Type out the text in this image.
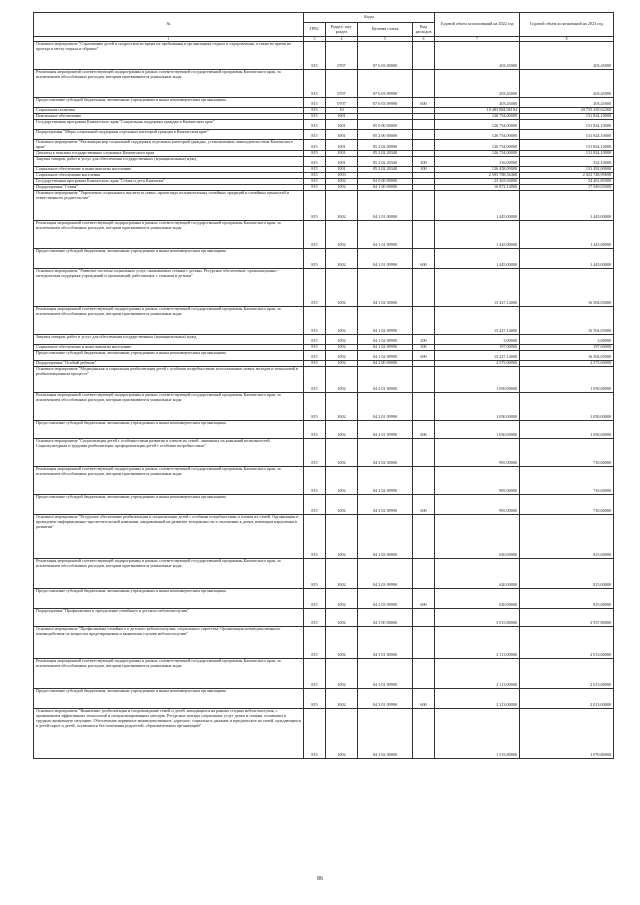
№	Коды				Годовой объем ассигнований на 2022 год	Годовой объем ассигнований на 2023 год
	ГРБС	Раздел, под-раздел	Целевая статья	Вид расходов		
1	3	4	5	6	7	8
Основное мероприятие "Страхование детей и подростков во время их пребывания в организациях отдыха и оздоровления, а также во время их проезда к месту отдыха и обратно"	815	0707	07 6 03 00000		203,45000	203,45000
Реализация мероприятий соответствующей подпрограммы в рамках соответствующей государственной программы Камчатского края, за исключением обособленных расходов, которым присваиваются уникальные коды	815	0707	07 6 03 09990		203,45000	203,45000
Предоставление субсидий бюджетным, автономным учреждениям и иным некоммерческим организациям	815	0707	07 6 03 09990	600	203,45000	203,45000
Социальная политика	815	10			10 483 884,96194	20 735 259,62268
Пенсионное обеспечение	815	1001			126 754,00000	131 824,10000
Государственная программа Камчатского края "Социальная поддержка граждан в Камчатском крае"	815	1001	05 0 00 00000		126 754,00000	131 824,10000
Подпрограмма "Меры социальной поддержки отдельных категорий граждан в Камчатском крае"	815	1001	05 2 00 00000		126 754,00000	131 824,10000
Основное мероприятие "Реализация мер социальной поддержки отдельных категорий граждан, установленных законодательством Камчатского края"	815	1001	05 2 02 00000		126 754,00000	131 824,10000
Доплаты к пенсиям государственных служащих Камчатского края	815	1001	05 2 02 20340		126 754,00000	131 824,10000
Закупка товаров, работ и услуг для обеспечения государственных (муниципальных) нужд	815	1001	05 2 02 20340	200	316,00000	332,10000
Социальное обеспечение и иные выплаты населению	815	1001	05 2 02 20340	300	126 438,00000	131 492,00000
Социальное обеспечение населения	815	1003			2 585 788,56468	2 023 748,99698
Государственная программа Камчатского края "Семья и дети Камчатки"	815	1002	04 0 00 00000		23 363,94000	24 461,85000
Подпрограмма "Семья"	815	1002	04 1 00 00000		16 872,14000	17 949,05000
Основное мероприятие "Укрепление социального института семьи, пропаганда положительных семейных традиций и семейных ценностей и ответственного родительства"	815	1002	04 1 01 00000		1 445,00000	1 445,00000
Реализация мероприятий соответствующей подпрограммы в рамках соответствующей государственной программы Камчатского края, за исключением обособленных расходов, которым присваиваются уникальные коды	815	1002	04 1 01 09990		1 445,00000	1 445,00000
Предоставление субсидий бюджетным, автономным учреждениям и иным некоммерческим организациям	815	1002	04 1 01 09990	600	1 445,00000	1 445,00000
Основное мероприятие "Развитие системы социальных услуг, оказываемых семьям с детьми. Ресурсное обеспечение, организационно-методическая поддержка учреждений и организаций, работающих с семьями и детьми"	815	1002	04 1 02 00000		15 427,14000	16 504,05000
Реализация мероприятий соответствующей подпрограммы в рамках соответствующей государственной программы Камчатского края, за исключением обособленных расходов, которым присваиваются уникальные коды	815	1002	04 1 02 09990		15 427,14000	16 504,05000
Закупка товаров, работ и услуг для обеспечения государственных (муниципальных) нужд	815	1002	04 1 02 09990	200	3,00000	3,00000
Социальное обеспечение и иные выплаты населению	815	1002	04 1 02 09990	300	197,00000	197,00000
Предоставление субсидий бюджетным, автономным учреждениям и иным некоммерческим организациям	815	1002	04 1 02 09990	600	15 227,14000	16 304,05000
Подпрограмма "Особый ребенок"	815	1002	04 2 00 00000		2 575,00000	2 575,00000
Основное мероприятие "Медицинская и социальная реабилитация детей с особыми потребностями, использование новых методов и технологий в реабилитационном процессе"	815	1002	04 2 01 00000		1 050,00000	1 050,00000
Реализация мероприятий соответствующей подпрограммы в рамках соответствующей государственной программы Камчатского края, за исключением обособленных расходов, которым присваиваются уникальные коды	815	1002	04 2 01 09990		1 050,00000	1 050,00000
Предоставление субсидий бюджетным, автономным учреждениям и иным некоммерческим организациям	815	1002	04 2 01 09990	600	1 050,00000	1 050,00000
Основное мероприятие "Социализация детей с особенностями развития и членов их семей, лишенных их кампаний возможностей. Социокультурная и трудовая реабилитация, профориентация детей с особыми потребностями"	815	1002	04 2 02 00000		905,00000	710,00000
Реализация мероприятий соответствующей подпрограммы в рамках соответствующей государственной программы Камчатского края, за исключением обособленных расходов, которым присваиваются уникальные коды	815	1002	04 2 02 09990		905,00000	710,00000
Предоставление субсидий бюджетным, автономным учреждениям и иным некоммерческим организациям	815	1002	04 2 02 09990	600	905,00000	710,00000
Основное мероприятие "Ресурсное обеспечение реабилитации и социализации детей с особыми потребностями и членов их семей. Организация и проведение информационно-просветительской кампании, направленной на развитие толерантности к отношении к детям, имеющим нарушения в развитии"	815	1002	04 2 03 00000		620,00000	815,00000
Реализация мероприятий соответствующей подпрограммы в рамках соответствующей государственной программы Камчатского края, за исключением обособленных расходов, которым присваиваются уникальные коды	815	1002	04 2 03 09990		620,00000	815,00000
Предоставление субсидий бюджетным, автономным учреждениям и иным некоммерческим организациям	815	1002	04 2 03 09990	600	620,00000	815,00000
Подпрограмма "Профилактика и преодоление семейного и детского неблагополучия"	815	1002	04 3 00 00000		3 915,80000	3 937,80000
Основное мероприятие "Профилактика семейного и детского неблагополучия, социального сиротства. Организация межведомственного взаимодействия по вопросам предотвращения и выявления случаев неблагополучия"	815	1002	04 3 01 00000		2 113,00000	2 013,00000
Реализация мероприятий соответствующей подпрограммы в рамках соответствующей государственной программы Камчатского края, за исключением обособленных расходов, которым присваиваются уникальные коды	815	1002	04 3 01 09990		2 113,00000	2 013,00000
Предоставление субсидий бюджетным, автономным учреждениям и иным некоммерческим организациям	815	1002	04 3 01 09990	600	2 113,00000	2 013,00000
Основное мероприятие "Выявление, реабилитация и сопровождение семей и детей, находящихся на ранних стадиях неблагополучия, с применением эффективных технологий и специализированных методик. Ресурсные центры социальных услуг детям и семьям, попавшим в трудную жизненную ситуацию. Обеспечение первичное межведомственное, адресное, социальное дыхание и юридическое на семей, нуждающихся в детей-сирот и детей, оставшихся без попечения родителей, образовательных организаций"	815	1002	04 3 02 00000		1 515,80000	1 070,80000
86
